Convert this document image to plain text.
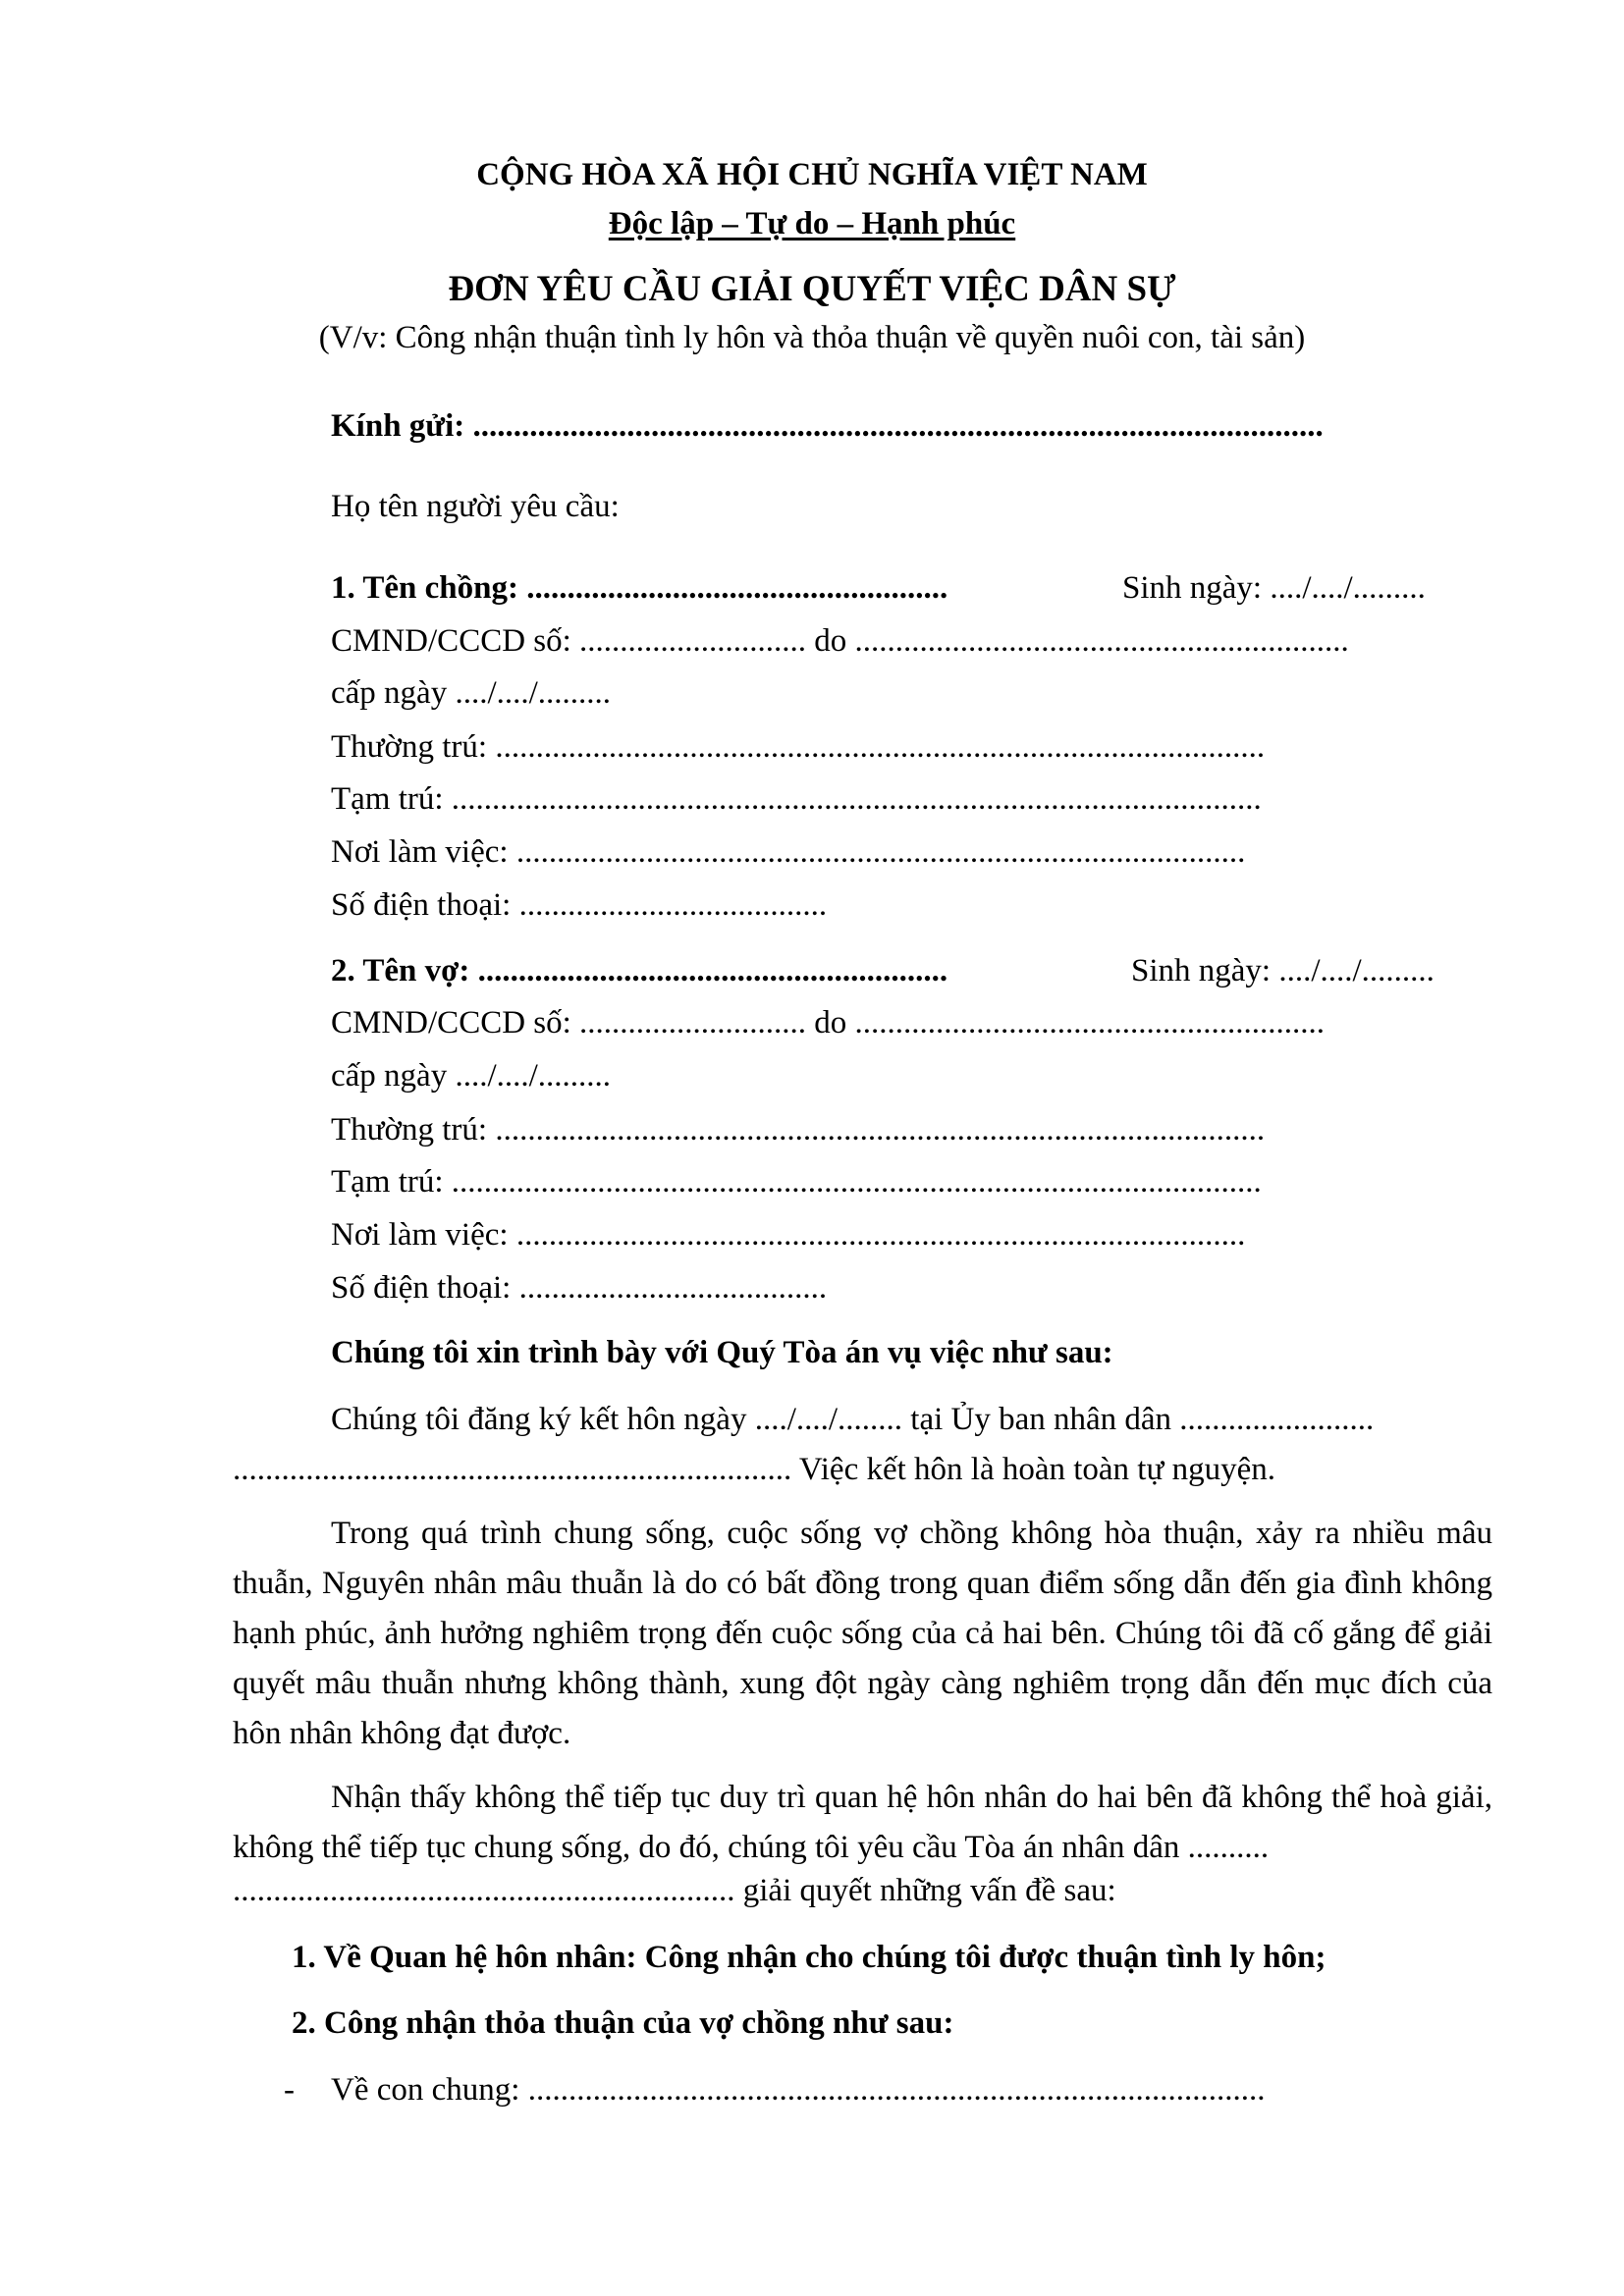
CỘNG HÒA XÃ HỘI CHỦ NGHĨA VIỆT NAM
Độc lập – Tự do – Hạnh phúc
ĐƠN YÊU CẦU GIẢI QUYẾT VIỆC DÂN SỰ
(V/v: Công nhận thuận tình ly hôn và thỏa thuận về quyền nuôi con, tài sản)
Kính gửi: .........................................................................................................
Họ tên người yêu cầu:
1. Tên chồng: ....................................................	Sinh ngày: ..../..../.........
CMND/CCCD số: ............................ do .............................................................
cấp ngày ..../..../.........
Thường trú: ...............................................................................................
Tạm trú: ....................................................................................................
Nơi làm việc: ..........................................................................................
Số điện thoại: ......................................
2. Tên vợ: ..........................................................	Sinh ngày: ..../..../.........
CMND/CCCD số: ............................ do ..........................................................
cấp ngày ..../..../.........
Thường trú: ...............................................................................................
Tạm trú: ....................................................................................................
Nơi làm việc: ..........................................................................................
Số điện thoại: ......................................
Chúng tôi xin trình bày với Quý Tòa án vụ việc như sau:
Chúng tôi đăng ký kết hôn ngày ..../..../........ tại Ủy ban nhân dân ........................
..................................................................... Việc kết hôn là hoàn toàn tự nguyện.
Trong quá trình chung sống, cuộc sống vợ chồng không hòa thuận, xảy ra nhiều mâu thuẫn, Nguyên nhân mâu thuẫn là do có bất đồng trong quan điểm sống dẫn đến gia đình không hạnh phúc, ảnh hưởng nghiêm trọng đến cuộc sống của cả hai bên. Chúng tôi đã cố gắng để giải quyết mâu thuẫn nhưng không thành, xung đột ngày càng nghiêm trọng dẫn đến mục đích của hôn nhân không đạt được.
Nhận thấy không thể tiếp tục duy trì quan hệ hôn nhân do hai bên đã không thể hoà giải, không thể tiếp tục chung sống, do đó, chúng tôi yêu cầu Tòa án nhân dân ..........
.............................................................. giải quyết những vấn đề sau:
1. Về Quan hệ hôn nhân: Công nhận cho chúng tôi được thuận tình ly hôn;
2. Công nhận thỏa thuận của vợ chồng như sau:
- Về con chung: ...........................................................................................
